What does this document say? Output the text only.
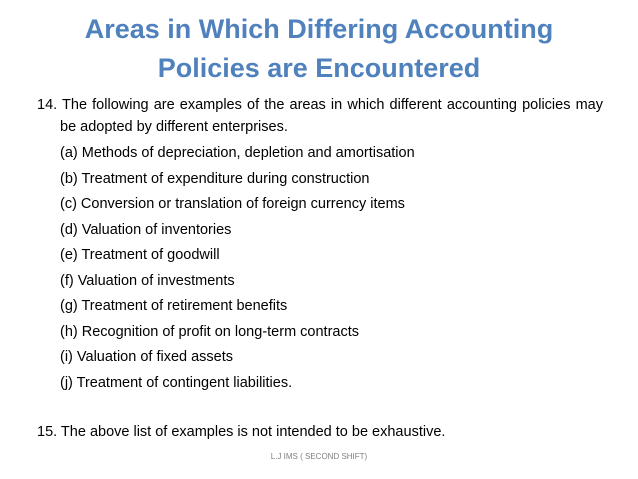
Areas in Which Differing Accounting
Policies are Encountered

14. The following are examples of the areas in which different accounting policies may be adopted by different enterprises.

(a) Methods of depreciation, depletion and amortisation
(b) Treatment of expenditure during construction
(c) Conversion or translation of foreign currency items
(d) Valuation of inventories
(e) Treatment of goodwill
(f) Valuation of investments
(g) Treatment of retirement benefits
(h) Recognition of profit on long-term contracts
(i) Valuation of fixed assets
(j) Treatment of contingent liabilities.

15. The above list of examples is not intended to be exhaustive.

L.J IMS ( SECOND SHIFT)
